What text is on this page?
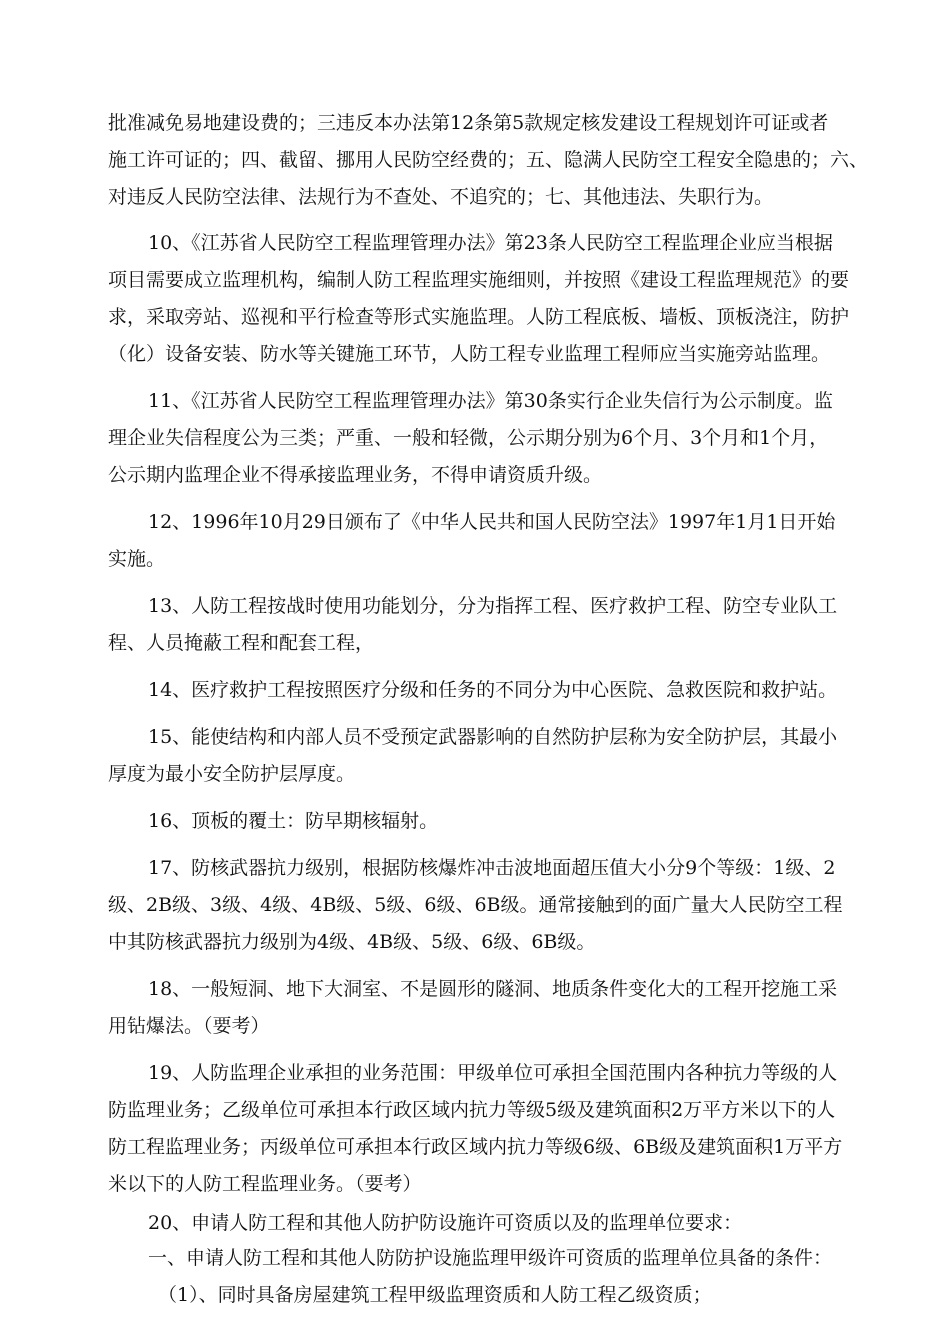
批准减免易地建设费的；三违反本办法第12条第5款规定核发建设工程规划许可证或者
施工许可证的；四、截留、挪用人民防空经费的；五、隐满人民防空工程安全隐患的；六、
对违反人民防空法律、法规行为不查处、不追究的；七、其他违法、失职行为。
10、《江苏省人民防空工程监理管理办法》第23条人民防空工程监理企业应当根据
项目需要成立监理机构，编制人防工程监理实施细则，并按照《建设工程监理规范》的要
求，采取旁站、巡视和平行检查等形式实施监理。人防工程底板、墙板、顶板浇注，防护
（化）设备安装、防水等关键施工环节，人防工程专业监理工程师应当实施旁站监理。
11、《江苏省人民防空工程监理管理办法》第30条实行企业失信行为公示制度。监
理企业失信程度公为三类；严重、一般和轻微，公示期分别为6个月、3个月和1个月，
公示期内监理企业不得承接监理业务，不得申请资质升级。
12、1996年10月29日颁布了《中华人民共和国人民防空法》1997年1月1日开始
实施。
13、人防工程按战时使用功能划分，分为指挥工程、医疗救护工程、防空专业队工
程、人员掩蔽工程和配套工程，
14、医疗救护工程按照医疗分级和任务的不同分为中心医院、急救医院和救护站。
15、能使结构和内部人员不受预定武器影响的自然防护层称为安全防护层，其最小
厚度为最小安全防护层厚度。
16、顶板的覆土：防早期核辐射。
17、防核武器抗力级别，根据防核爆炸冲击波地面超压值大小分9个等级：1级、2
级、2B级、3级、4级、4B级、5级、6级、6B级。通常接触到的面广量大人民防空工程
中其防核武器抗力级别为4级、4B级、5级、6级、6B级。
18、一般短洞、地下大洞室、不是圆形的隧洞、地质条件变化大的工程开挖施工采
用钻爆法。（要考）
19、人防监理企业承担的业务范围：甲级单位可承担全国范围内各种抗力等级的人
防监理业务；乙级单位可承担本行政区域内抗力等级5级及建筑面积2万平方米以下的人
防工程监理业务；丙级单位可承担本行政区域内抗力等级6级、6B级及建筑面积1万平方
米以下的人防工程监理业务。（要考）
20、申请人防工程和其他人防护防设施许可资质以及的监理单位要求：
一、申请人防工程和其他人防防护设施监理甲级许可资质的监理单位具备的条件：
（1）、同时具备房屋建筑工程甲级监理资质和人防工程乙级资质；
